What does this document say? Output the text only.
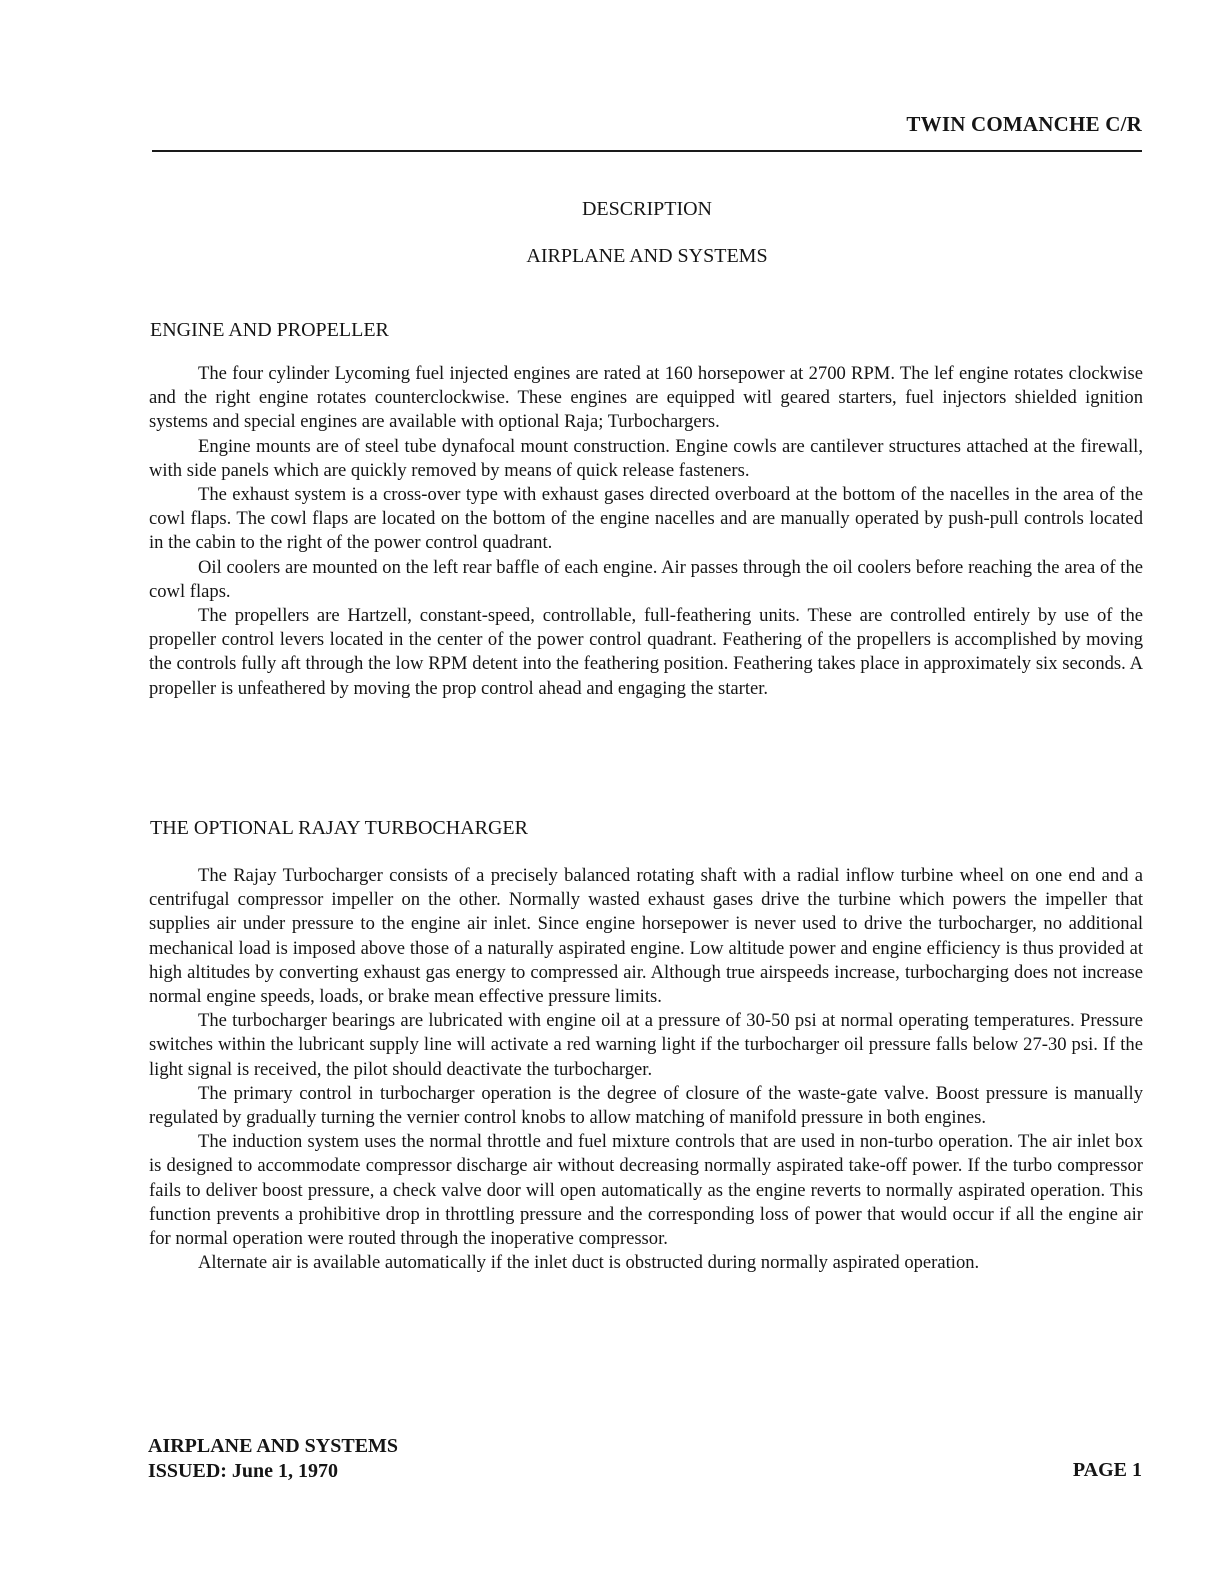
TWIN COMANCHE C/R
DESCRIPTION
AIRPLANE AND SYSTEMS
ENGINE AND PROPELLER

The four cylinder Lycoming fuel injected engines are rated at 160 horsepower at 2700 RPM. The lef engine rotates clockwise and the right engine rotates counterclockwise. These engines are equipped witl geared starters, fuel injectors shielded ignition systems and special engines are available with optional Raja; Turbochargers.

Engine mounts are of steel tube dynafocal mount construction. Engine cowls are cantilever structures attached at the firewall, with side panels which are quickly removed by means of quick release fasteners.

The exhaust system is a cross-over type with exhaust gases directed overboard at the bottom of the nacelles in the area of the cowl flaps. The cowl flaps are located on the bottom of the engine nacelles and are manually operated by push-pull controls located in the cabin to the right of the power control quadrant.

Oil coolers are mounted on the left rear baffle of each engine. Air passes through the oil coolers before reaching the area of the cowl flaps.

The propellers are Hartzell, constant-speed, controllable, full-feathering units. These are controlled entirely by use of the propeller control levers located in the center of the power control quadrant. Feathering of the propellers is accomplished by moving the controls fully aft through the low RPM detent into the feathering position. Feathering takes place in approximately six seconds. A propeller is unfeathered by moving the prop control ahead and engaging the starter.

THE OPTIONAL RAJAY TURBOCHARGER

The Rajay Turbocharger consists of a precisely balanced rotating shaft with a radial inflow turbine wheel on one end and a centrifugal compressor impeller on the other. Normally wasted exhaust gases drive the turbine which powers the impeller that supplies air under pressure to the engine air inlet. Since engine horsepower is never used to drive the turbocharger, no additional mechanical load is imposed above those of a naturally aspirated engine. Low altitude power and engine efficiency is thus provided at high altitudes by converting exhaust gas energy to compressed air. Although true airspeeds increase, turbocharging does not increase normal engine speeds, loads, or brake mean effective pressure limits.

The turbocharger bearings are lubricated with engine oil at a pressure of 30-50 psi at normal operating temperatures. Pressure switches within the lubricant supply line will activate a red warning light if the turbocharger oil pressure falls below 27-30 psi. If the light signal is received, the pilot should deactivate the turbocharger.

The primary control in turbocharger operation is the degree of closure of the waste-gate valve. Boost pressure is manually regulated by gradually turning the vernier control knobs to allow matching of manifold pressure in both engines.

The induction system uses the normal throttle and fuel mixture controls that are used in non-turbo operation. The air inlet box is designed to accommodate compressor discharge air without decreasing normally aspirated take-off power. If the turbo compressor fails to deliver boost pressure, a check valve door will open automatically as the engine reverts to normally aspirated operation. This function prevents a prohibitive drop in throttling pressure and the corresponding loss of power that would occur if all the engine air for normal operation were routed through the inoperative compressor.

Alternate air is available automatically if the inlet duct is obstructed during normally aspirated operation.

AIRPLANE AND SYSTEMS
ISSUED: June 1, 1970	PAGE 1
